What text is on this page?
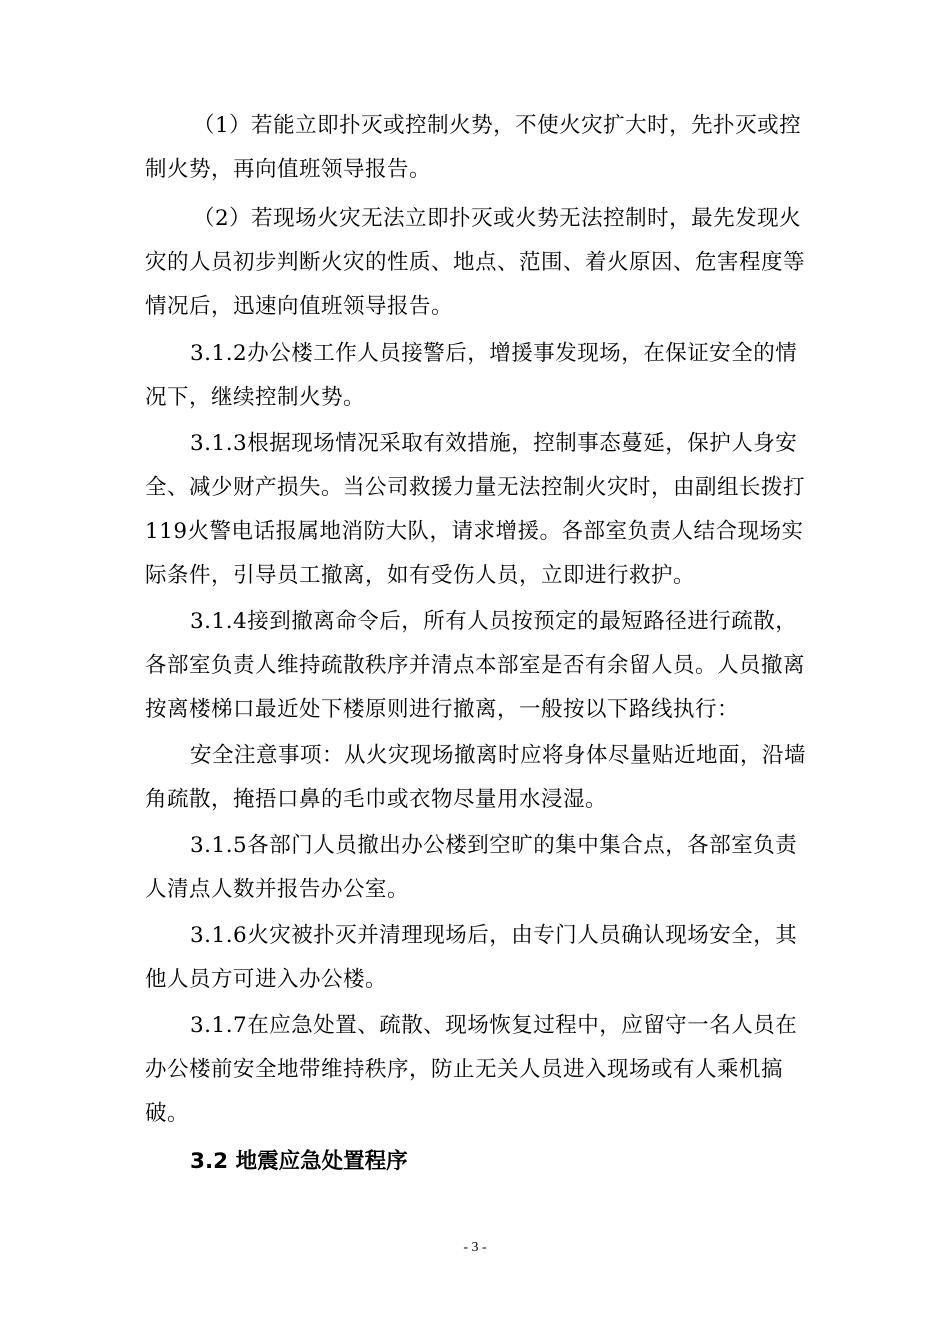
（1）若能立即扑灭或控制火势，不使火灾扩大时，先扑灭或控
制火势，再向值班领导报告。
（2）若现场火灾无法立即扑灭或火势无法控制时，最先发现火
灾的人员初步判断火灾的性质、地点、范围、着火原因、危害程度等
情况后，迅速向值班领导报告。
3.1.2办公楼工作人员接警后，增援事发现场，在保证安全的情
况下，继续控制火势。
3.1.3根据现场情况采取有效措施，控制事态蔓延，保护人身安
全、减少财产损失。当公司救援力量无法控制火灾时，由副组长拨打
119火警电话报属地消防大队，请求增援。各部室负责人结合现场实
际条件，引导员工撤离，如有受伤人员，立即进行救护。
3.1.4接到撤离命令后，所有人员按预定的最短路径进行疏散，
各部室负责人维持疏散秩序并清点本部室是否有余留人员。人员撤离
按离楼梯口最近处下楼原则进行撤离，一般按以下路线执行：
安全注意事项：从火灾现场撤离时应将身体尽量贴近地面，沿墙
角疏散，掩捂口鼻的毛巾或衣物尽量用水浸湿。
3.1.5各部门人员撤出办公楼到空旷的集中集合点，各部室负责
人清点人数并报告办公室。
3.1.6火灾被扑灭并清理现场后，由专门人员确认现场安全，其
他人员方可进入办公楼。
3.1.7在应急处置、疏散、现场恢复过程中，应留守一名人员在
办公楼前安全地带维持秩序，防止无关人员进入现场或有人乘机搞
破。
3.2 地震应急处置程序
- 3 -
